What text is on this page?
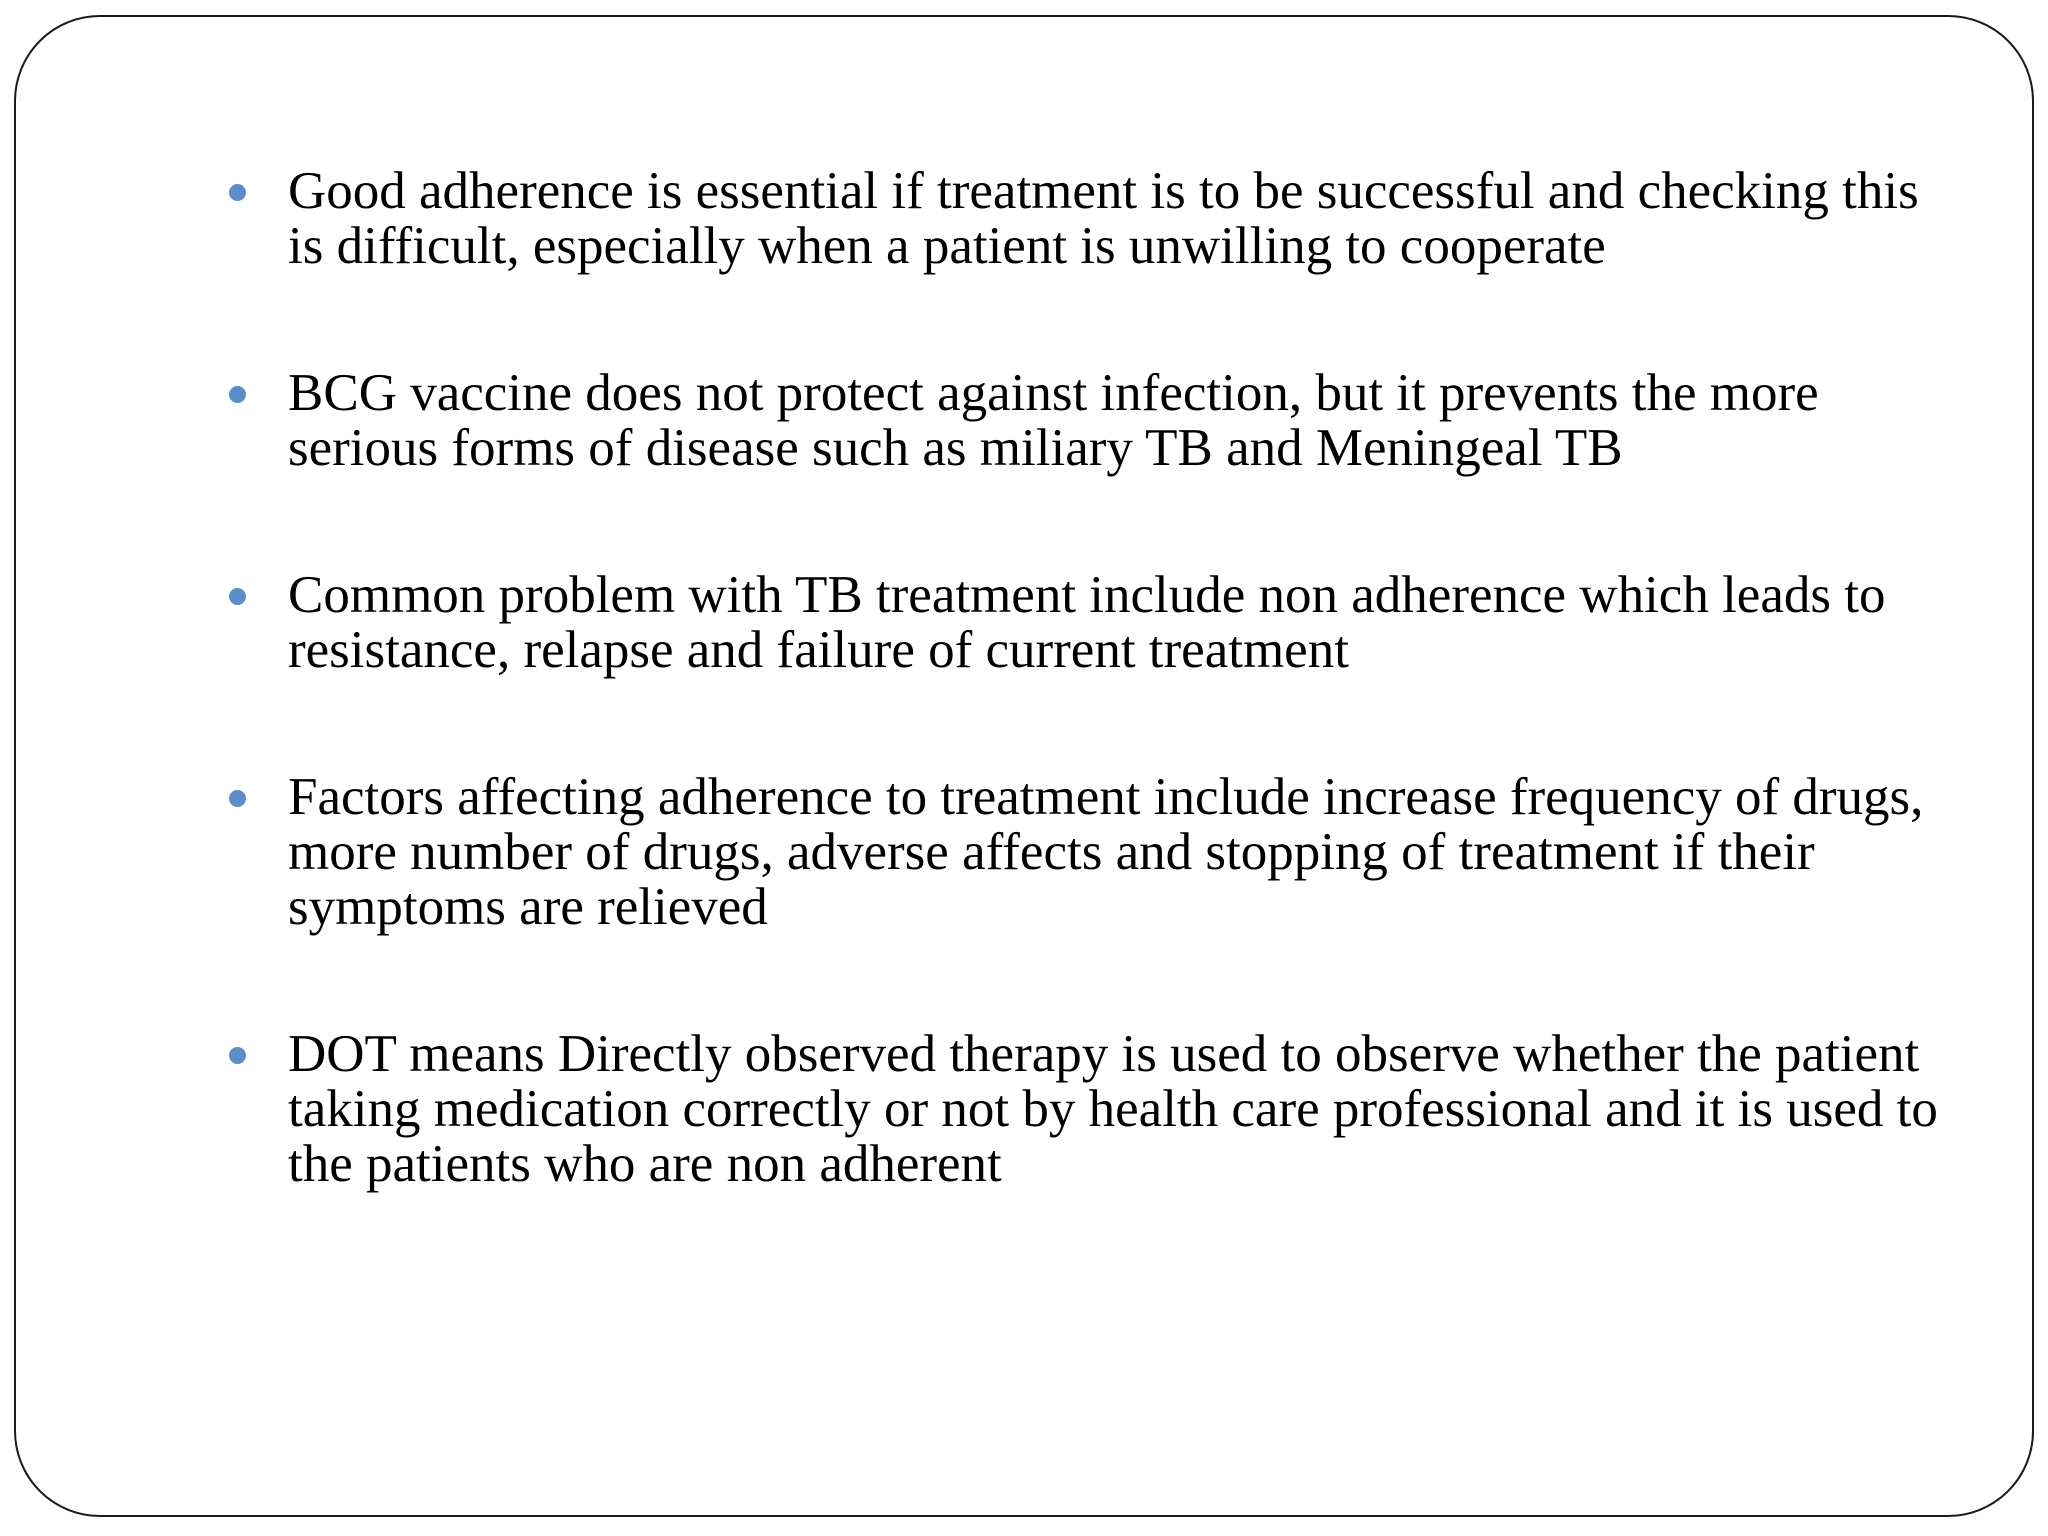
Good adherence is essential if treatment is to be successful and checking this is difficult, especially when a patient is unwilling to cooperate
BCG vaccine does not protect against infection, but it prevents the more serious forms of disease such as miliary TB and Meningeal TB
Common problem with TB treatment include non adherence which leads to resistance, relapse and failure of current treatment
Factors affecting adherence to treatment include increase frequency of drugs, more number of drugs, adverse affects and stopping of treatment if their symptoms are relieved
DOT means Directly observed therapy is used to observe whether the patient taking medication correctly or not by health care professional and it is used to the patients who are non adherent
